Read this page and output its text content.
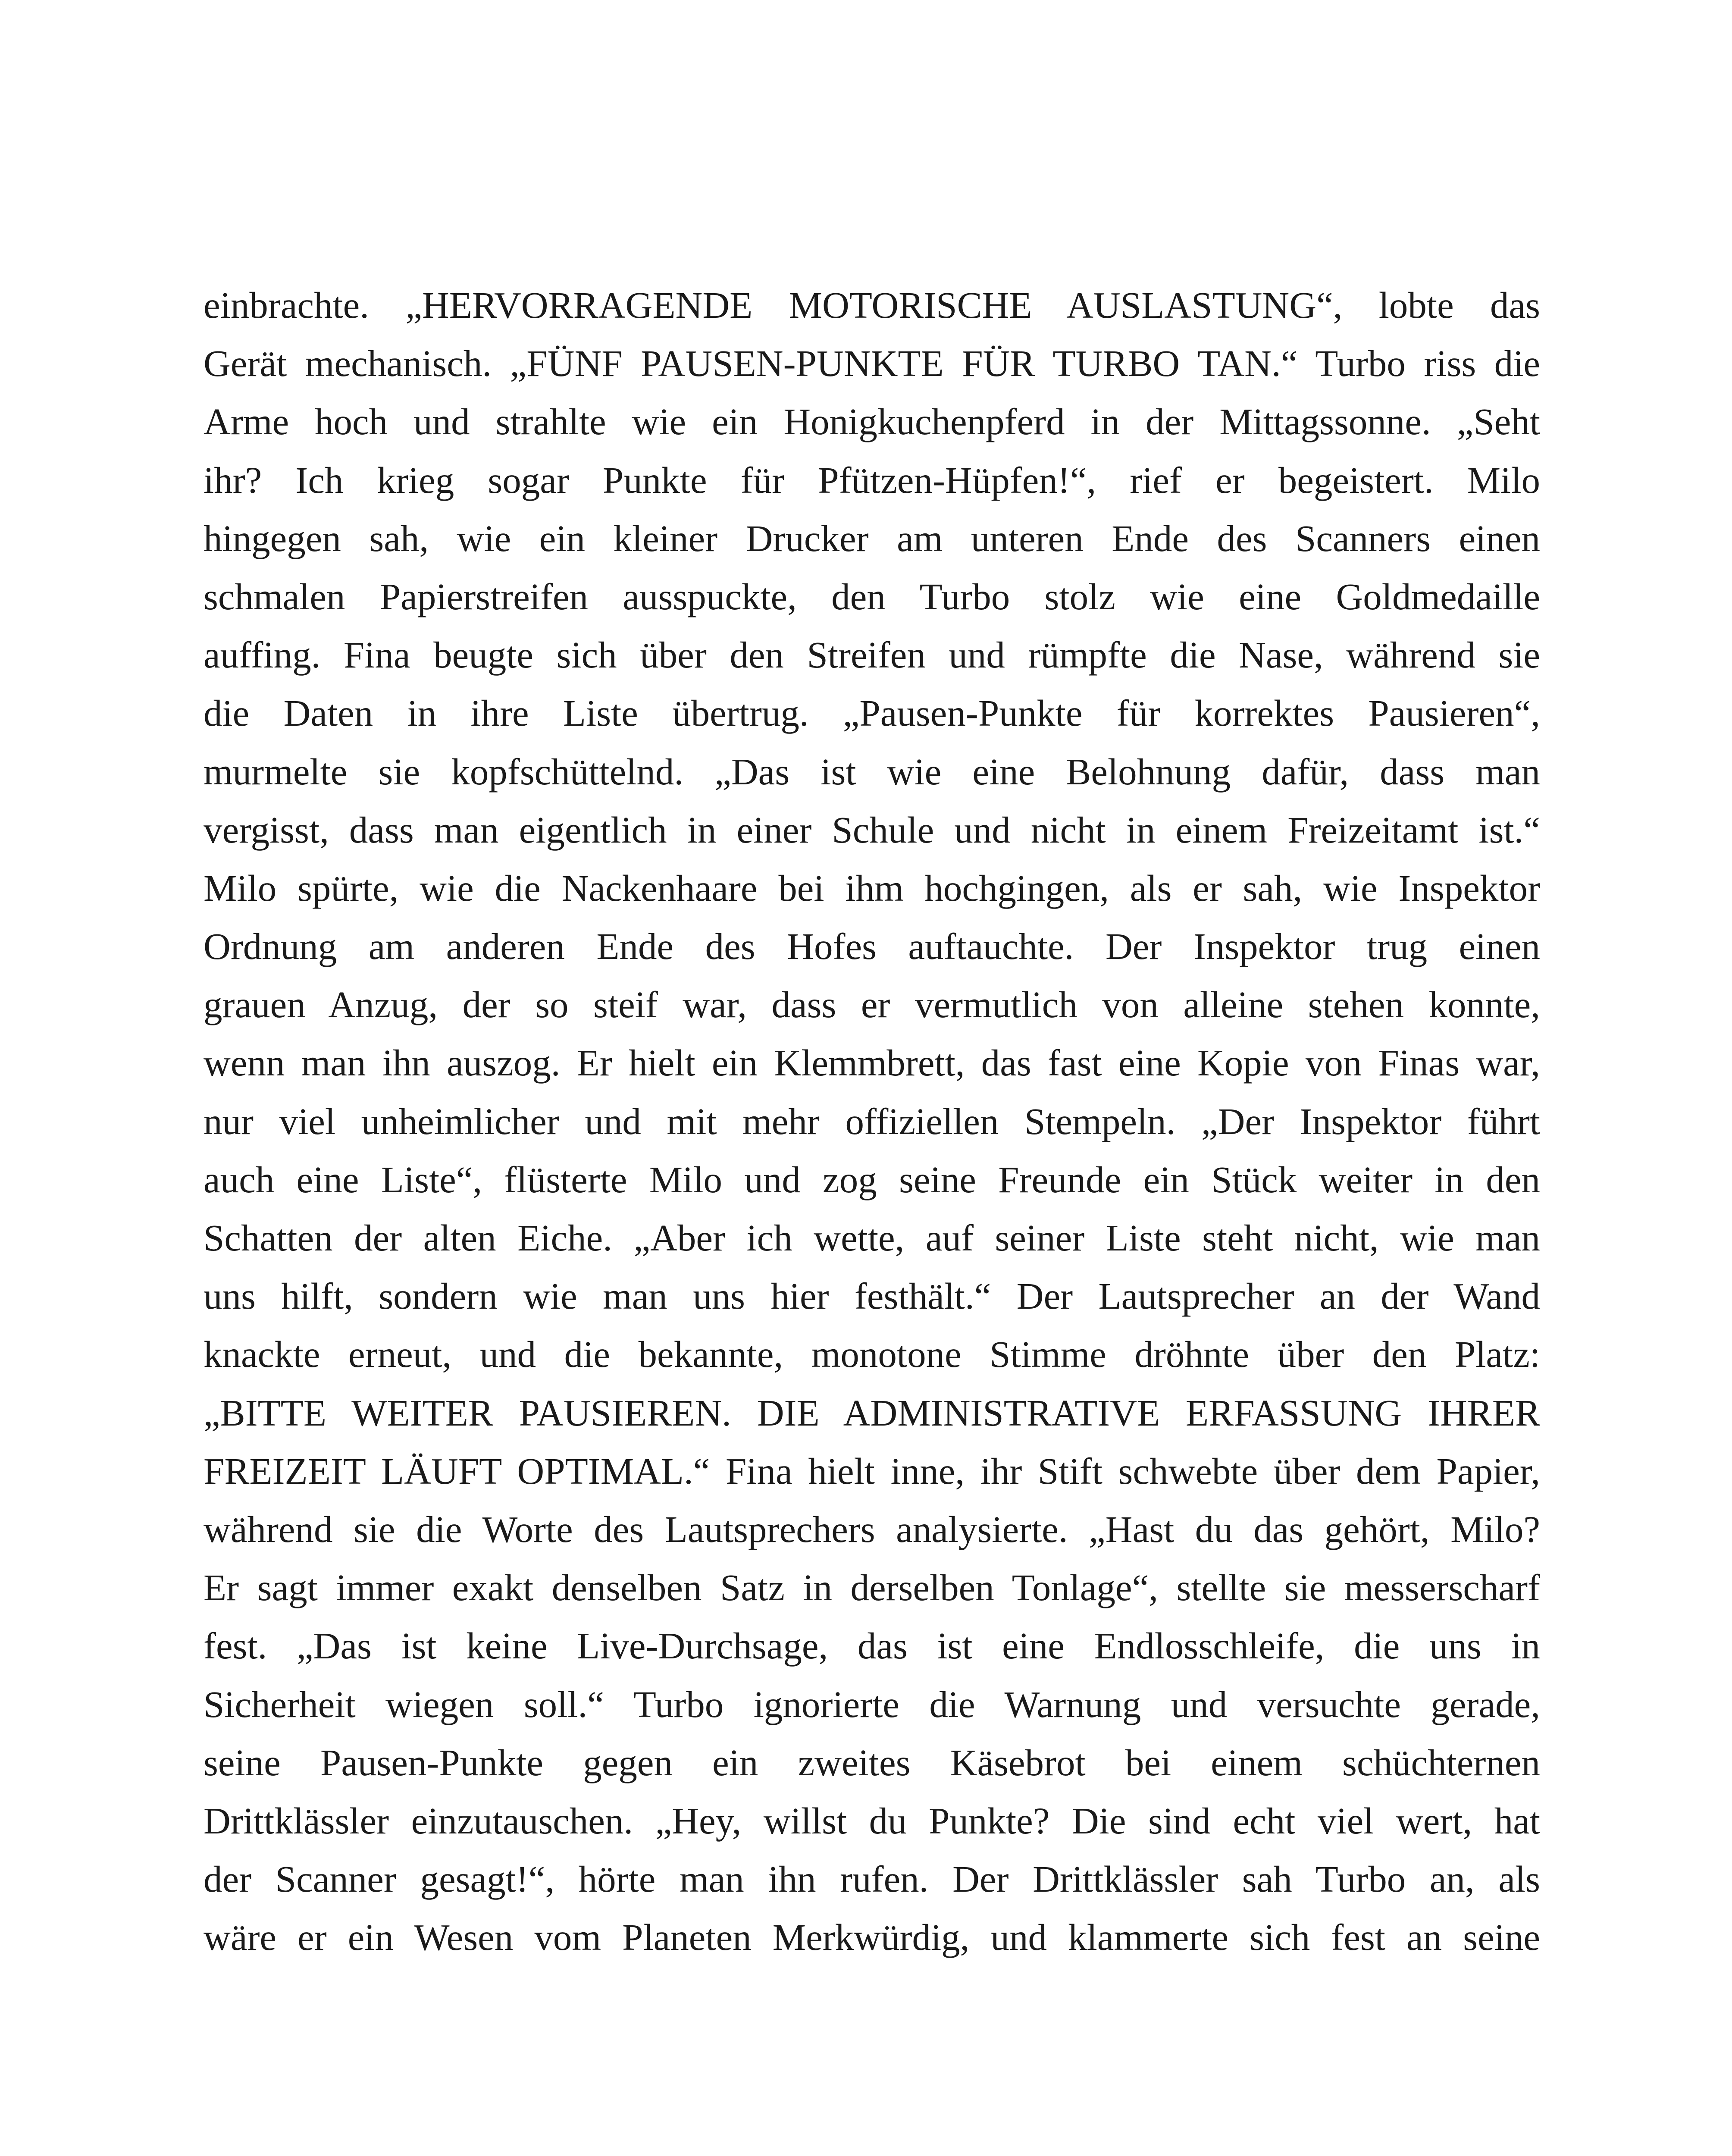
einbrachte. „HERVORRAGENDE MOTORISCHE AUSLASTUNG“, lobte das
Gerät mechanisch. „FÜNF PAUSEN-PUNKTE FÜR TURBO TAN.“ Turbo riss die
Arme hoch und strahlte wie ein Honigkuchenpferd in der Mittagssonne. „Seht
ihr? Ich krieg sogar Punkte für Pfützen-Hüpfen!“, rief er begeistert. Milo
hingegen sah, wie ein kleiner Drucker am unteren Ende des Scanners einen
schmalen Papierstreifen ausspuckte, den Turbo stolz wie eine Goldmedaille
auffing. Fina beugte sich über den Streifen und rümpfte die Nase, während sie
die Daten in ihre Liste übertrug. „Pausen-Punkte für korrektes Pausieren“,
murmelte sie kopfschüttelnd. „Das ist wie eine Belohnung dafür, dass man
vergisst, dass man eigentlich in einer Schule und nicht in einem Freizeitamt ist.“
Milo spürte, wie die Nackenhaare bei ihm hochgingen, als er sah, wie Inspektor
Ordnung am anderen Ende des Hofes auftauchte. Der Inspektor trug einen
grauen Anzug, der so steif war, dass er vermutlich von alleine stehen konnte,
wenn man ihn auszog. Er hielt ein Klemmbrett, das fast eine Kopie von Finas war,
nur viel unheimlicher und mit mehr offiziellen Stempeln. „Der Inspektor führt
auch eine Liste“, flüsterte Milo und zog seine Freunde ein Stück weiter in den
Schatten der alten Eiche. „Aber ich wette, auf seiner Liste steht nicht, wie man
uns hilft, sondern wie man uns hier festhält.“ Der Lautsprecher an der Wand
knackte erneut, und die bekannte, monotone Stimme dröhnte über den Platz:
„BITTE WEITER PAUSIEREN. DIE ADMINISTRATIVE ERFASSUNG IHRER
FREIZEIT LÄUFT OPTIMAL.“ Fina hielt inne, ihr Stift schwebte über dem Papier,
während sie die Worte des Lautsprechers analysierte. „Hast du das gehört, Milo?
Er sagt immer exakt denselben Satz in derselben Tonlage“, stellte sie messerscharf
fest. „Das ist keine Live-Durchsage, das ist eine Endlosschleife, die uns in
Sicherheit wiegen soll.“ Turbo ignorierte die Warnung und versuchte gerade,
seine Pausen-Punkte gegen ein zweites Käsebrot bei einem schüchternen
Drittklässler einzutauschen. „Hey, willst du Punkte? Die sind echt viel wert, hat
der Scanner gesagt!“, hörte man ihn rufen. Der Drittklässler sah Turbo an, als
wäre er ein Wesen vom Planeten Merkwürdig, und klammerte sich fest an seine
